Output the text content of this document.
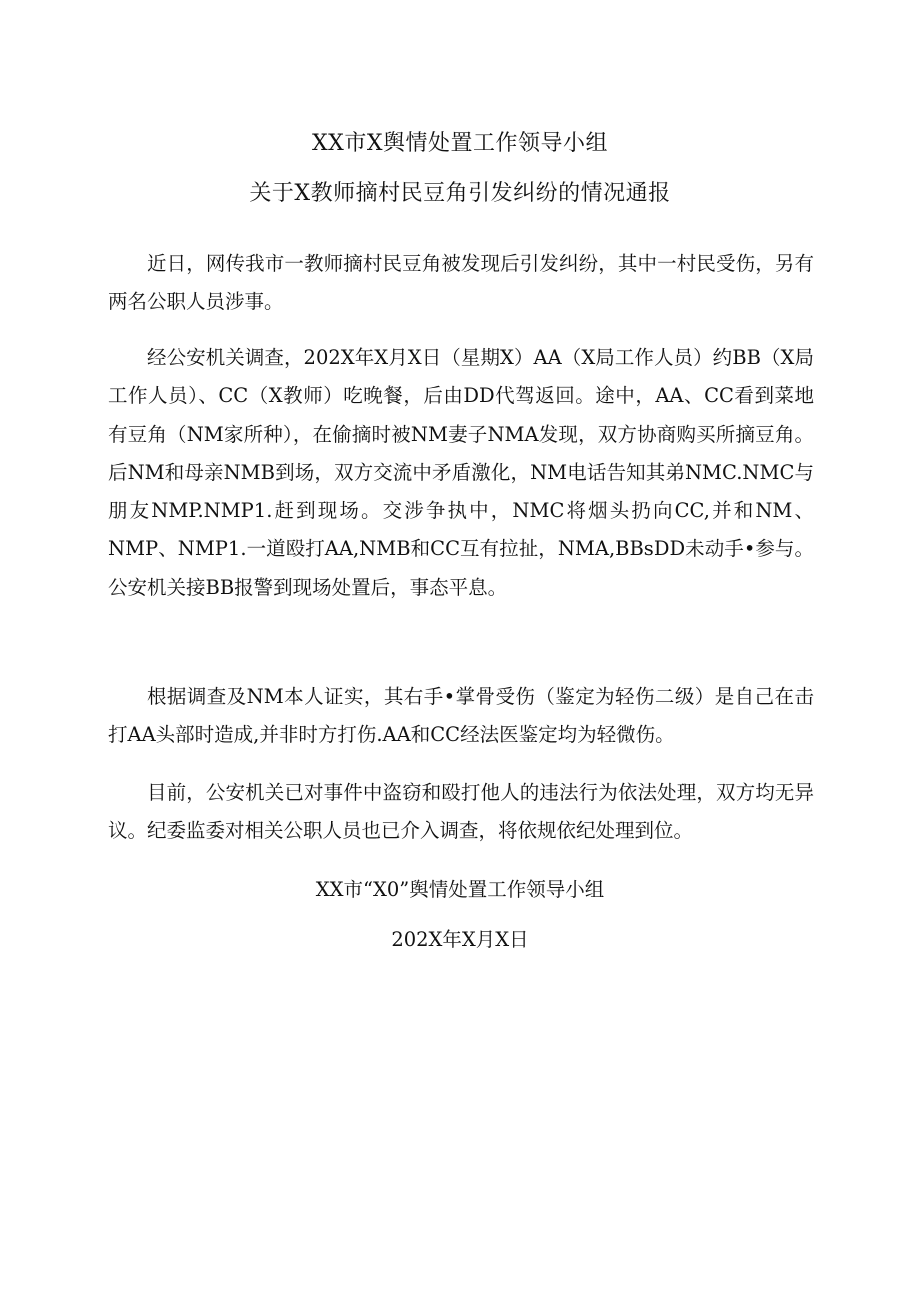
XX市X舆情处置工作领导小组
关于X教师摘村民豆角引发纠纷的情况通报

近日，网传我市一教师摘村民豆角被发现后引发纠纷，其中一村民受伤，另有两名公职人员涉事。

经公安机关调查，202X年X月X日（星期X）AA（X局工作人员）约BB（X局工作人员）、CC（X教师）吃晚餐，后由DD代驾返回。途中，AA、CC看到菜地有豆角（NM家所种），在偷摘时被NM妻子NMA发现，双方协商购买所摘豆角。后NM和母亲NMB到场，双方交流中矛盾激化，NM电话告知其弟NMC.NMC与朋友NMP.NMP1.赶到现场。交涉争执中，NMC将烟头扔向CC,并和NM、NMP、NMP1.一道殴打AA,NMB和CC互有拉扯，NMA,BBsDD未动手•参与。公安机关接BB报警到现场处置后，事态平息。

根据调查及NM本人证实，其右手•掌骨受伤（鉴定为轻伤二级）是自己在击打AA头部时造成,并非时方打伤.AA和CC经法医鉴定均为轻微伤。

目前，公安机关已对事件中盗窃和殴打他人的违法行为依法处理，双方均无异议。纪委监委对相关公职人员也已介入调查，将依规依纪处理到位。

XX市“X0”舆情处置工作领导小组
202X年X月X日
